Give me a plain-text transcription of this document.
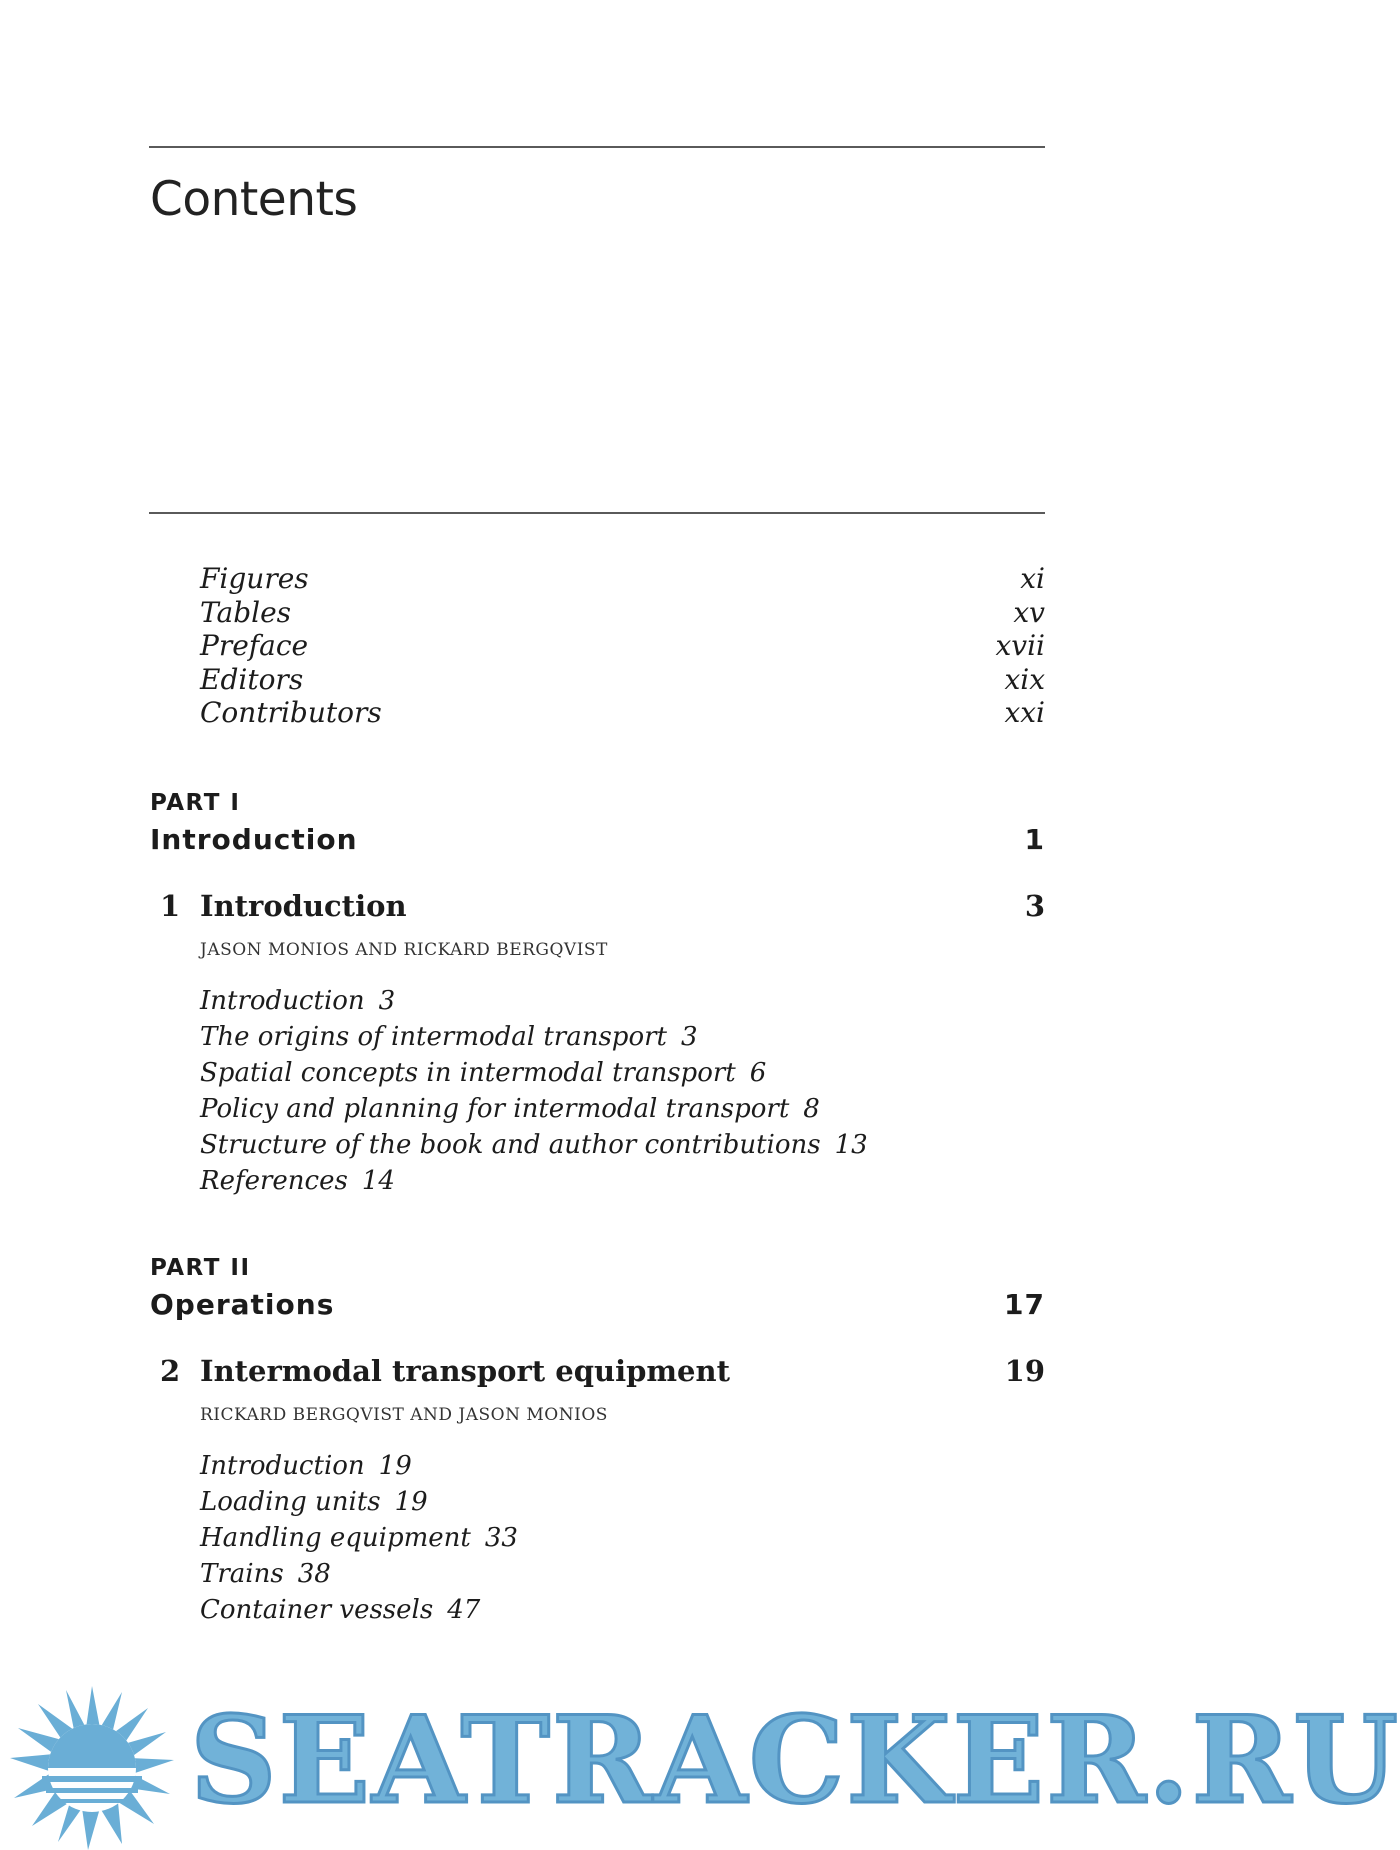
Contents
Figures	xi
Tables	xv
Preface	xvii
Editors	xix
Contributors	xxi
PART I
Introduction	1
1 Introduction	3
JASON MONIOS AND RICKARD BERGQVIST
Introduction 3
The origins of intermodal transport 3
Spatial concepts in intermodal transport 6
Policy and planning for intermodal transport 8
Structure of the book and author contributions 13
References 14
PART II
Operations	17
2 Intermodal transport equipment	19
RICKARD BERGQVIST AND JASON MONIOS
Introduction 19
Loading units 19
Handling equipment 33
Trains 38
Container vessels 47
SEATRACKER.RU
